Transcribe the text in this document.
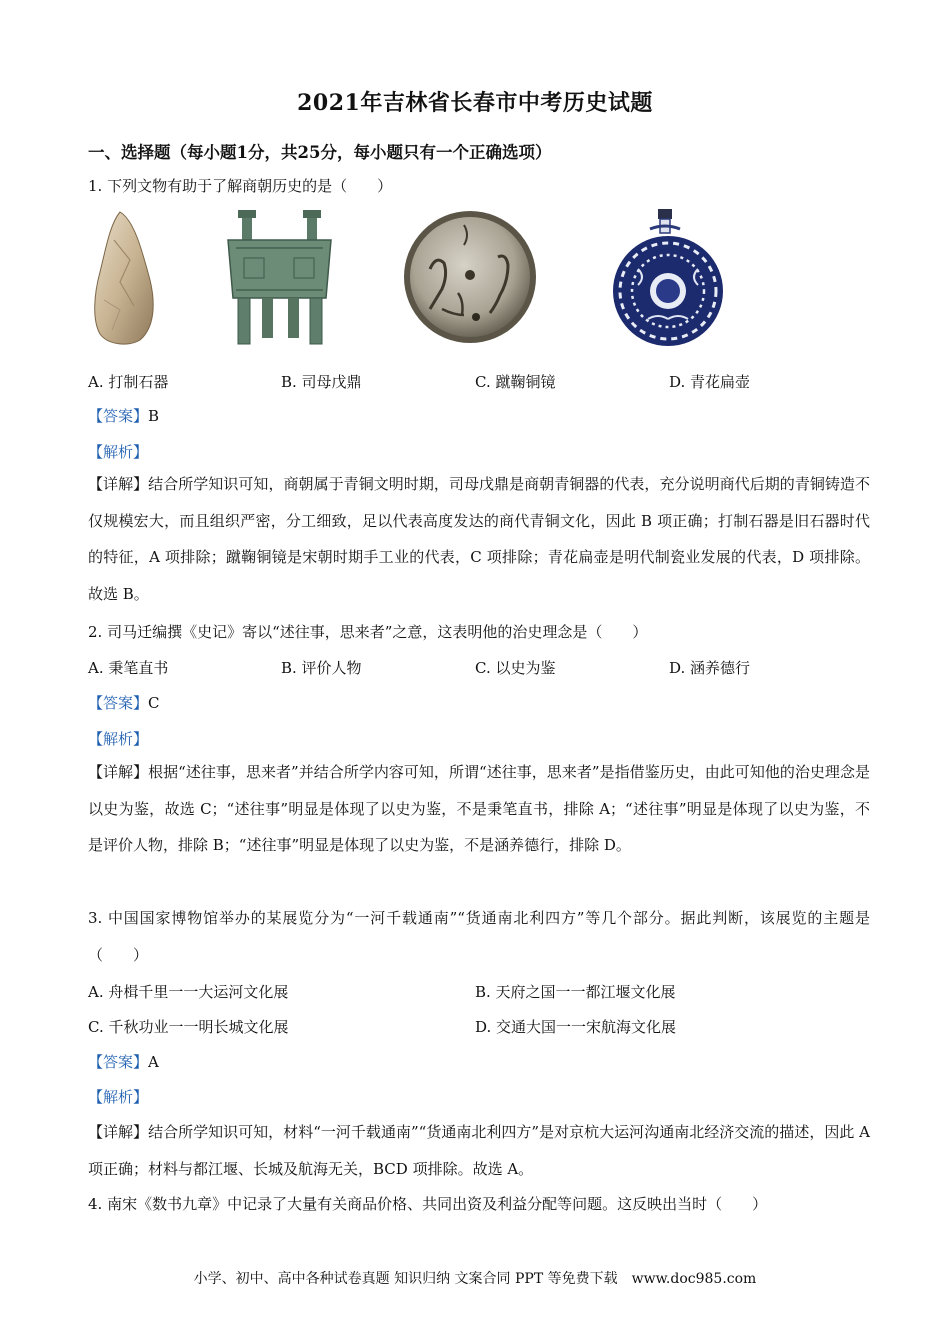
2021年吉林省长春市中考历史试题
一、选择题（每小题1分，共25分，每小题只有一个正确选项）
1. 下列文物有助于了解商朝历史的是（　　）
A. 打制石器	B. 司母戊鼎	C. 蹴鞠铜镜	D. 青花扁壶
【答案】B
【解析】
【详解】结合所学知识可知，商朝属于青铜文明时期，司母戊鼎是商朝青铜器的代表，充分说明商代后期的青铜铸造不仅规模宏大，而且组织严密，分工细致，足以代表高度发达的商代青铜文化，因此 B 项正确；打制石器是旧石器时代的特征，A 项排除；蹴鞠铜镜是宋朝时期手工业的代表，C 项排除；青花扁壶是明代制瓷业发展的代表，D 项排除。故选 B。
2. 司马迁编撰《史记》寄以“述往事，思来者”之意，这表明他的治史理念是（　　）
A. 秉笔直书	B. 评价人物	C. 以史为鉴	D. 涵养德行
【答案】C
【解析】
【详解】根据“述往事，思来者”并结合所学内容可知，所谓“述往事，思来者”是指借鉴历史，由此可知他的治史理念是以史为鉴，故选 C；“述往事”明显是体现了以史为鉴，不是秉笔直书，排除 A；“述往事”明显是体现了以史为鉴，不是评价人物，排除 B；“述往事”明显是体现了以史为鉴，不是涵养德行，排除 D。
3. 中国国家博物馆举办的某展览分为“一河千载通南”“货通南北利四方”等几个部分。据此判断，该展览的主题是（　　）
A. 舟楫千里一一大运河文化展	B. 天府之国一一都江堰文化展
C. 千秋功业一一明长城文化展	D. 交通大国一一宋航海文化展
【答案】A
【解析】
【详解】结合所学知识可知，材料“一河千载通南”“货通南北利四方”是对京杭大运河沟通南北经济交流的描述，因此 A 项正确；材料与都江堰、长城及航海无关，BCD 项排除。故选 A。
4. 南宋《数书九章》中记录了大量有关商品价格、共同出资及利益分配等问题。这反映出当时（　　）
小学、初中、高中各种试卷真题 知识归纳 文案合同 PPT 等免费下载　www.doc985.com
